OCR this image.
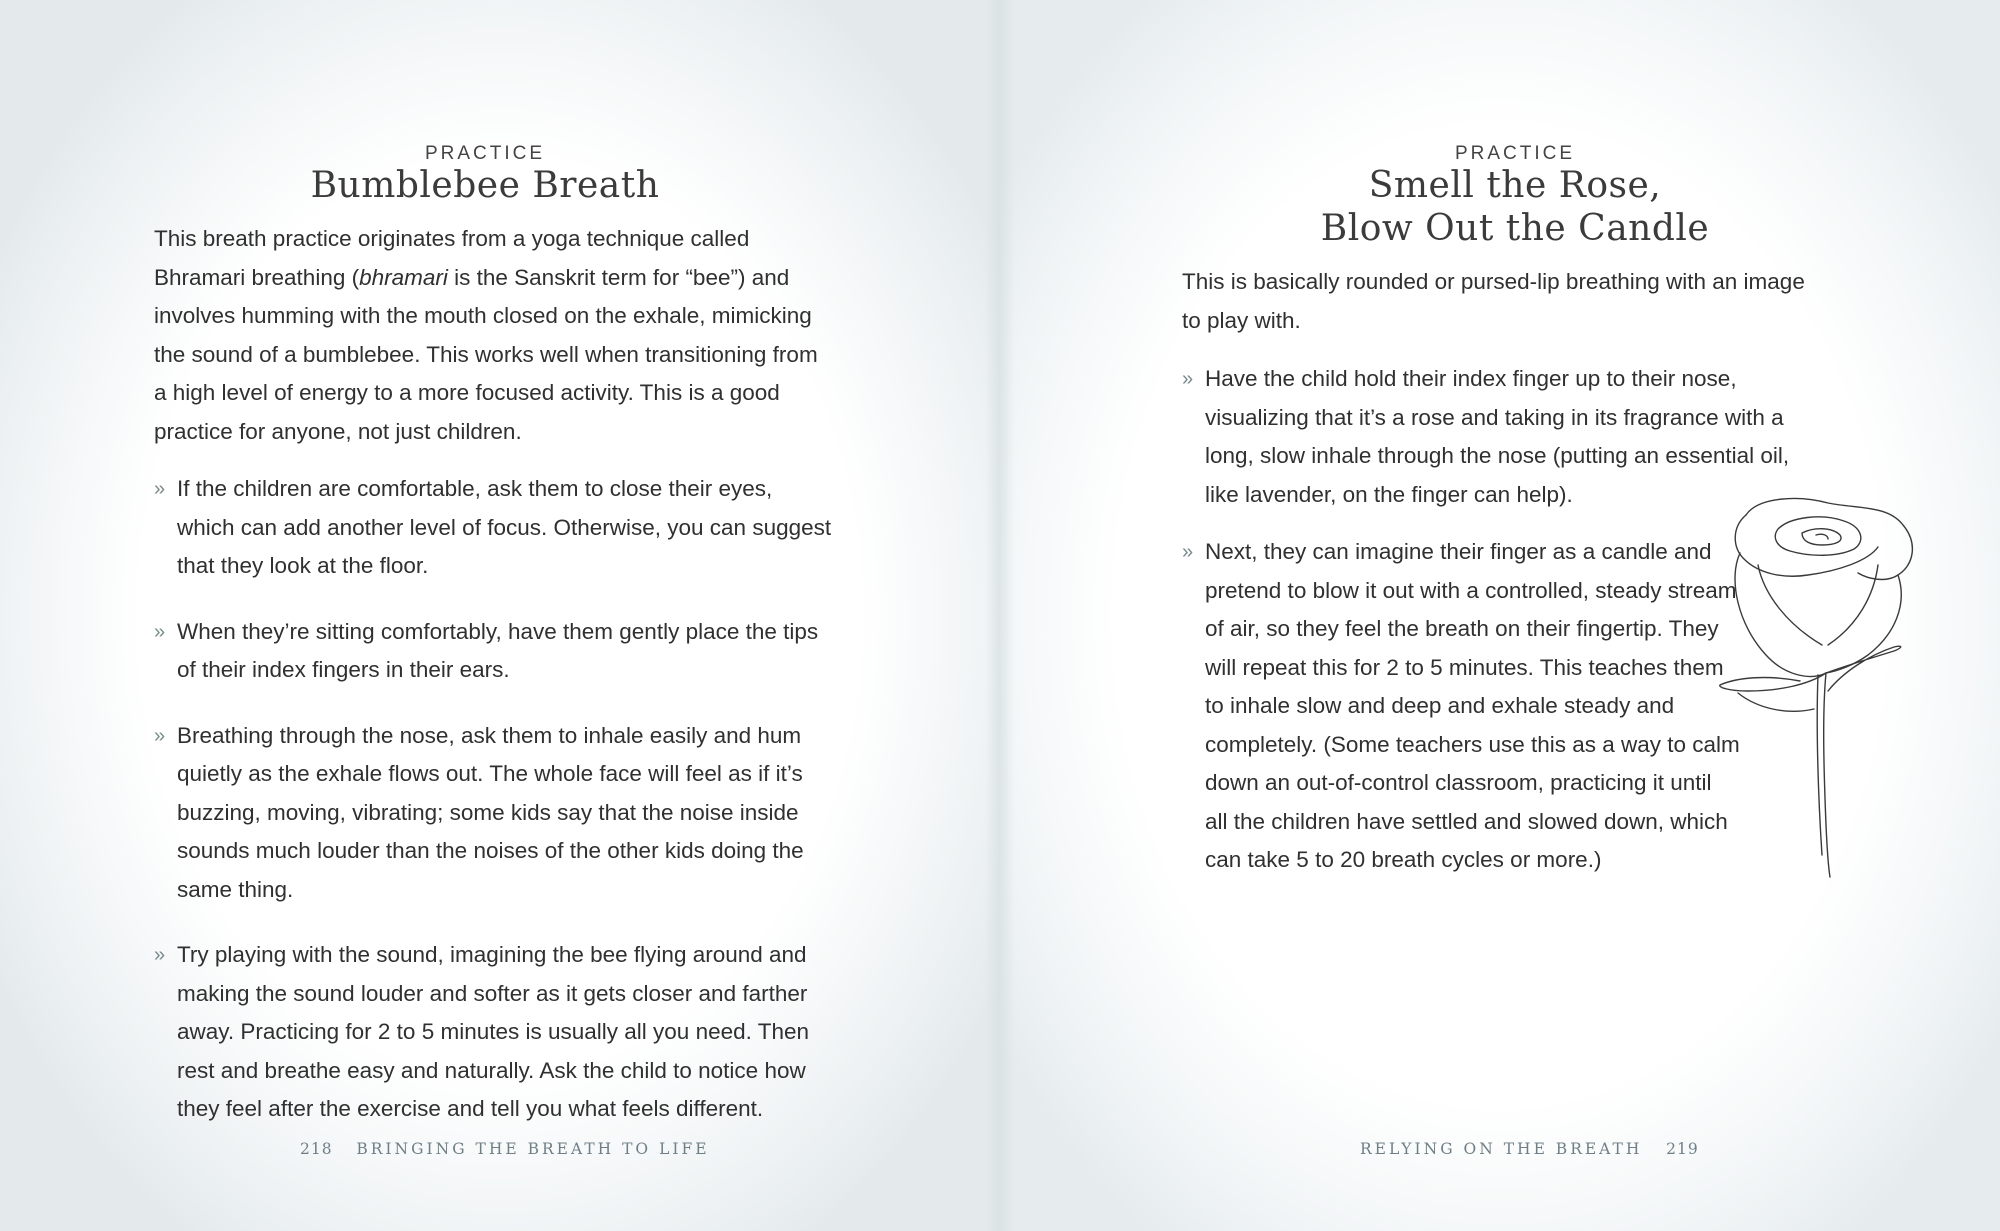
PRACTICE
Bumblebee Breath

This breath practice originates from a yoga technique called Bhramari breathing (bhramari is the Sanskrit term for “bee”) and involves humming with the mouth closed on the exhale, mimicking the sound of a bumblebee. This works well when transitioning from a high level of energy to a more focused activity. This is a good practice for anyone, not just children.

» If the children are comfortable, ask them to close their eyes, which can add another level of focus. Otherwise, you can suggest that they look at the floor.
» When they’re sitting comfortably, have them gently place the tips of their index fingers in their ears.
» Breathing through the nose, ask them to inhale easily and hum quietly as the exhale flows out. The whole face will feel as if it’s buzzing, moving, vibrating; some kids say that the noise inside sounds much louder than the noises of the other kids doing the same thing.
» Try playing with the sound, imagining the bee flying around and making the sound louder and softer as it gets closer and farther away. Practicing for 2 to 5 minutes is usually all you need. Then rest and breathe easy and naturally. Ask the child to notice how they feel after the exercise and tell you what feels different.
218 BRINGING THE BREATH TO LIFE
PRACTICE
Smell the Rose,
Blow Out the Candle

This is basically rounded or pursed-lip breathing with an image to play with.

» Have the child hold their index finger up to their nose, visualizing that it’s a rose and taking in its fragrance with a long, slow inhale through the nose (putting an essential oil, like lavender, on the finger can help).
» Next, they can imagine their finger as a candle and pretend to blow it out with a controlled, steady stream of air, so they feel the breath on their fingertip. They will repeat this for 2 to 5 minutes. This teaches them to inhale slow and deep and exhale steady and completely. (Some teachers use this as a way to calm down an out-of-control classroom, practicing it until all the children have settled and slowed down, which can take 5 to 20 breath cycles or more.)
RELYING ON THE BREATH 219
